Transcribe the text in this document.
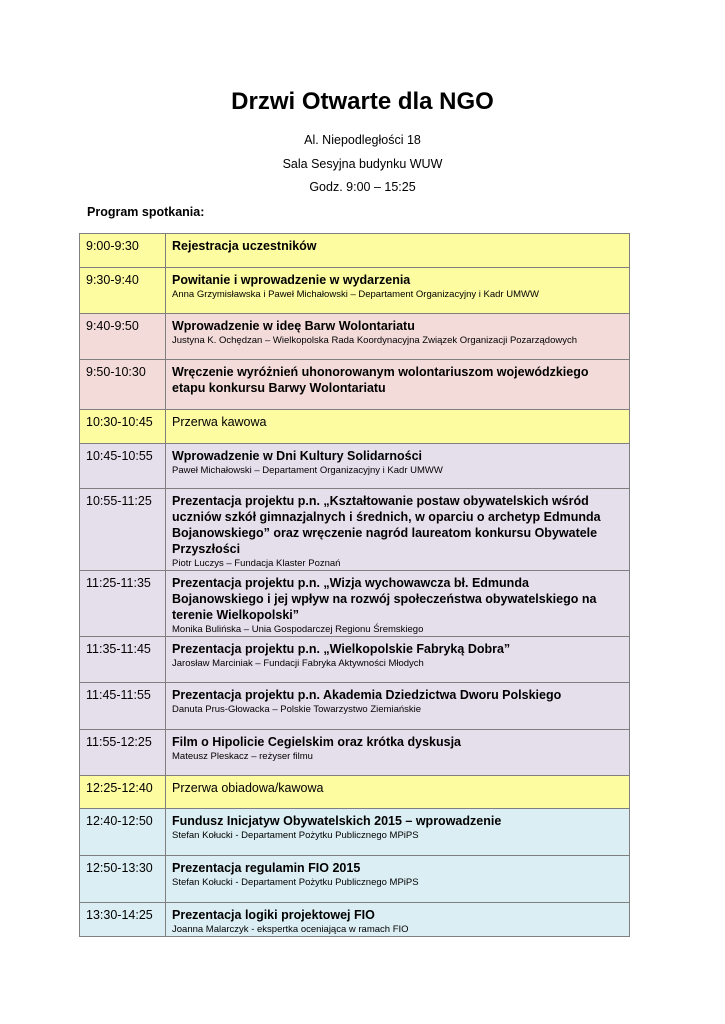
Drzwi Otwarte dla NGO

Al. Niepodległości 18

Sala Sesyjna budynku WUW

Godz. 9:00 – 15:25

Program spotkania:

9:00-9:30	Rejestracja uczestników

9:30-9:40	Powitanie i wprowadzenie w wydarzenia
Anna Grzymisławska i Paweł Michałowski – Departament Organizacyjny i Kadr UMWW

9:40-9:50	Wprowadzenie w ideę Barw Wolontariatu
Justyna K. Ochędzan – Wielkopolska Rada Koordynacyjna Związek Organizacji Pozarządowych

9:50-10:30	Wręczenie wyróżnień uhonorowanym wolontariuszom wojewódzkiego etapu konkursu Barwy Wolontariatu

10:30-10:45	Przerwa kawowa

10:45-10:55	Wprowadzenie w Dni Kultury Solidarności
Paweł Michałowski – Departament Organizacyjny i Kadr UMWW

10:55-11:25	Prezentacja projektu p.n. „Kształtowanie postaw obywatelskich wśród uczniów szkół gimnazjalnych i średnich, w oparciu o archetyp Edmunda Bojanowskiego” oraz wręczenie nagród laureatom konkursu Obywatele Przyszłości
Piotr Luczys – Fundacja Klaster Poznań

11:25-11:35	Prezentacja projektu p.n. „Wizja wychowawcza bł. Edmunda Bojanowskiego i jej wpływ na rozwój społeczeństwa obywatelskiego na terenie Wielkopolski”
Monika Bulińska – Unia Gospodarczej Regionu Śremskiego

11:35-11:45	Prezentacja projektu p.n. „Wielkopolskie Fabryką Dobra”
Jarosław Marciniak – Fundacji Fabryka Aktywności Młodych

11:45-11:55	Prezentacja projektu p.n. Akademia Dziedzictwa Dworu Polskiego
Danuta Prus-Głowacka – Polskie Towarzystwo Ziemiańskie

11:55-12:25	Film o Hipolicie Cegielskim oraz krótka dyskusja
Mateusz Pleskacz – reżyser filmu

12:25-12:40	Przerwa obiadowa/kawowa

12:40-12:50	Fundusz Inicjatyw Obywatelskich 2015 – wprowadzenie
Stefan Kołucki - Departament Pożytku Publicznego MPiPS

12:50-13:30	Prezentacja regulamin FIO 2015
Stefan Kołucki - Departament Pożytku Publicznego MPiPS

13:30-14:25	Prezentacja logiki projektowej FIO
Joanna Malarczyk - ekspertka oceniająca w ramach FIO
